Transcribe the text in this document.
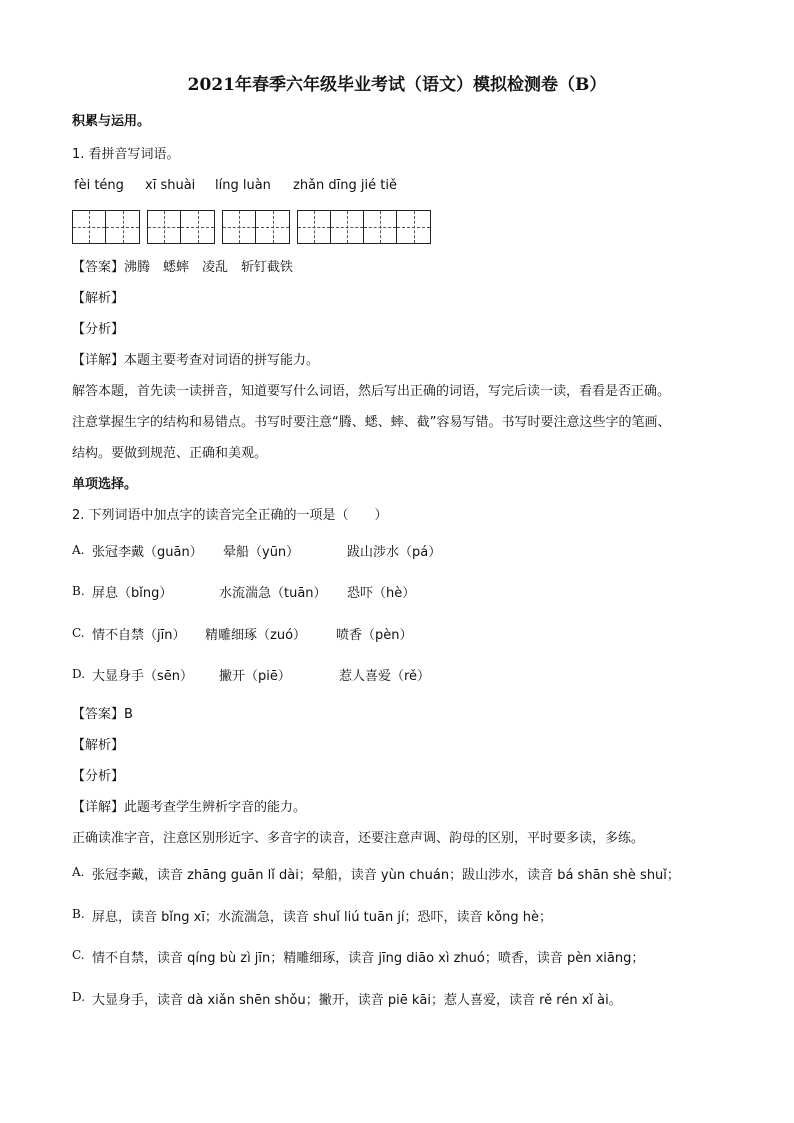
2021年春季六年级毕业考试（语文）模拟检测卷（B）
积累与运用。
1. 看拼音写词语。
fèi téng xī shuài líng luàn zhǎn dīng jié tiě
【答案】沸腾　蟋蟀　凌乱　斩钉截铁
【解析】
【分析】
【详解】本题主要考查对词语的拼写能力。
解答本题，首先读一读拼音，知道要写什么词语，然后写出正确的词语，写完后读一读，看看是否正确。
注意掌握生字的结构和易错点。书写时要注意“腾、蟋、蟀、截”容易写错。书写时要注意这些字的笔画、
结构。要做到规范、正确和美观。
单项选择。
2. 下列词语中加点字的读音完全正确的一项是（　　）
A. 张冠李戴（guān） 晕船（yūn）	跋山涉水（pá）
B. 屏息（bǐng）	水流湍急（tuān） 恐吓（hè）
C. 情不自禁（jīn） 精雕细琢（zuó） 喷香（pèn）
D. 大显身手（sēn） 撇开（piē）	惹人喜爱（rě）
【答案】B
【解析】
【分析】
【详解】此题考查学生辨析字音的能力。
正确读准字音，注意区别形近字、多音字的读音，还要注意声调、韵母的区别，平时要多读，多练。
A. 张冠李戴，读音 zhāng guān lǐ dài；晕船，读音 yùn chuán；跋山涉水，读音 bá shān shè shuǐ；
B. 屏息，读音 bǐng xī；水流湍急，读音 shuǐ liú tuān jí；恐吓，读音 kǒng hè；
C. 情不自禁，读音 qíng bù zì jīn；精雕细琢，读音 jīng diāo xì zhuó；喷香，读音 pèn xiāng；
D. 大显身手，读音 dà xiǎn shēn shǒu；撇开，读音 piē kāi；惹人喜爱，读音 rě rén xǐ ài。
